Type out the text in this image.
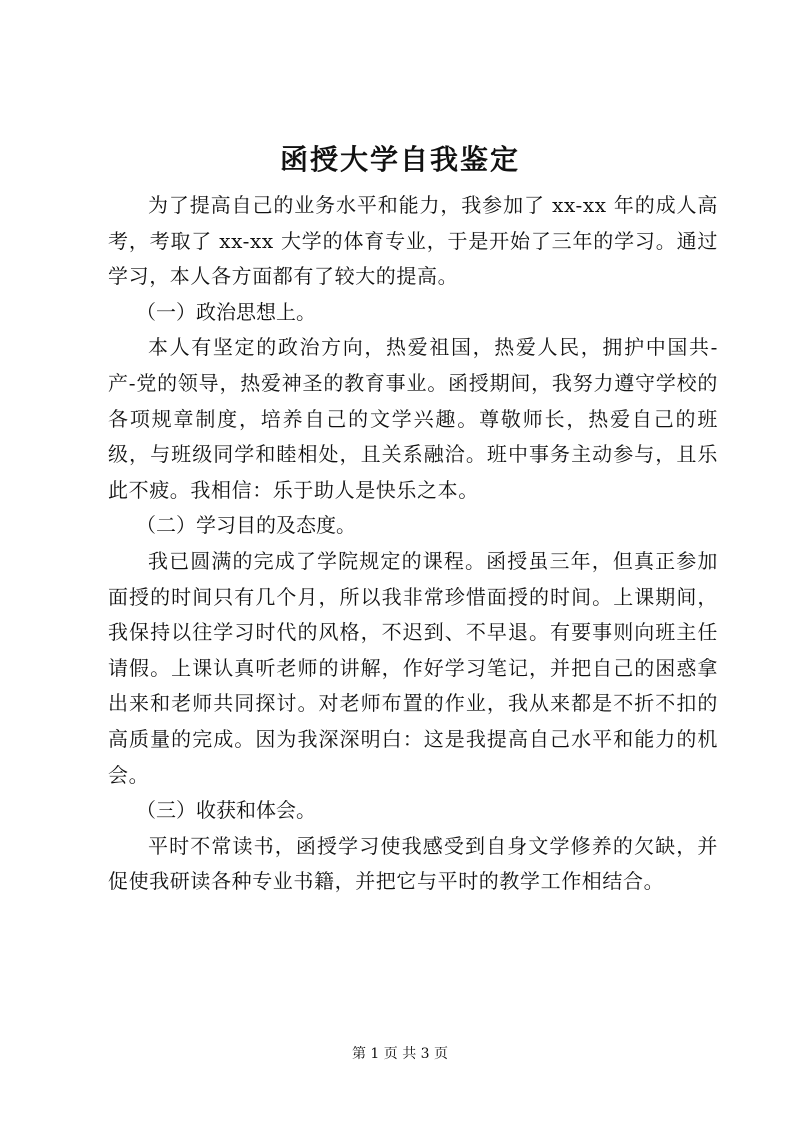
函授大学自我鉴定

为了提高自己的业务水平和能力，我参加了 xx-xx 年的成人高考，考取了 xx-xx 大学的体育专业，于是开始了三年的学习。通过学习，本人各方面都有了较大的提高。

（一）政治思想上。

本人有坚定的政治方向，热爱祖国，热爱人民，拥护中国共-产-党的领导，热爱神圣的教育事业。函授期间，我努力遵守学校的各项规章制度，培养自己的文学兴趣。尊敬师长，热爱自己的班级，与班级同学和睦相处，且关系融洽。班中事务主动参与，且乐此不疲。我相信：乐于助人是快乐之本。

（二）学习目的及态度。

我已圆满的完成了学院规定的课程。函授虽三年，但真正参加面授的时间只有几个月，所以我非常珍惜面授的时间。上课期间，我保持以往学习时代的风格，不迟到、不早退。有要事则向班主任请假。上课认真听老师的讲解，作好学习笔记，并把自己的困惑拿出来和老师共同探讨。对老师布置的作业，我从来都是不折不扣的高质量的完成。因为我深深明白：这是我提高自己水平和能力的机会。

（三）收获和体会。

平时不常读书，函授学习使我感受到自身文学修养的欠缺，并促使我研读各种专业书籍，并把它与平时的教学工作相结合。

第 1 页 共 3 页
